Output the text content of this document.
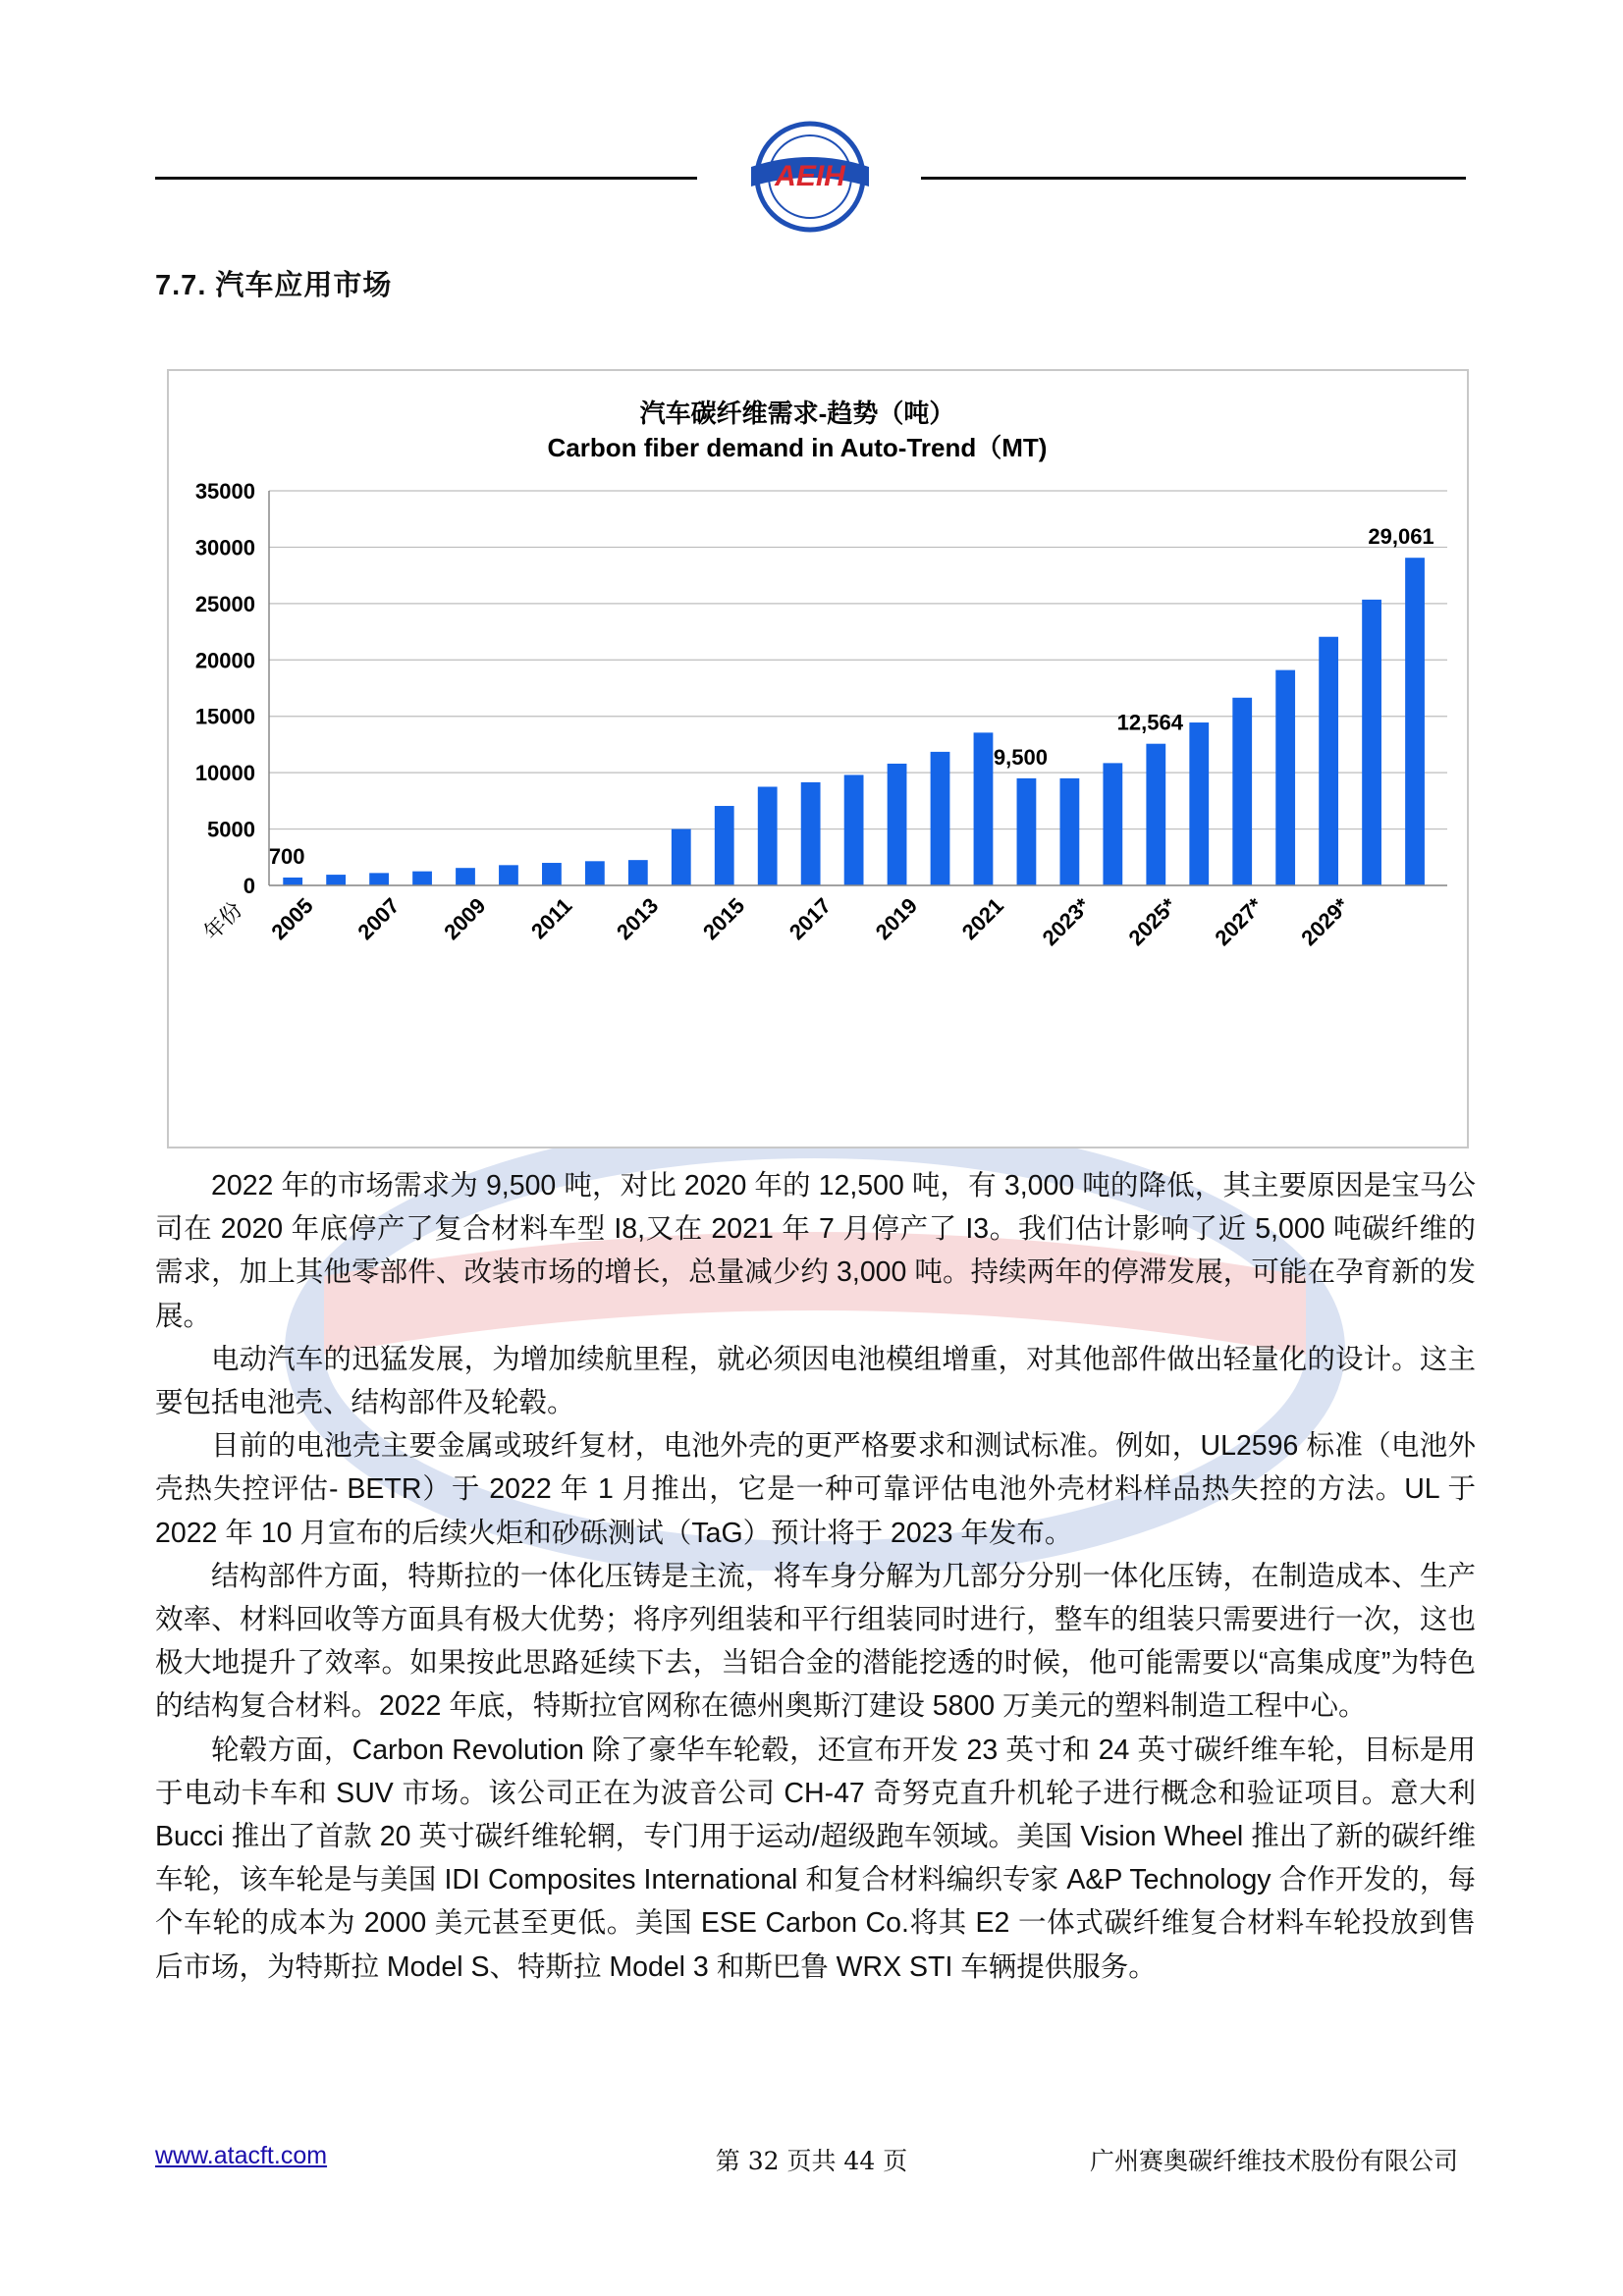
AEIH
7.7. 汽车应用市场
汽车碳纤维需求-趋势（吨）
Carbon fiber demand in Auto-Trend（MT)
700
9,500
12,564
29,061
0
5000
10000
15000
20000
25000
30000
35000
2005 2007 2009 2011 2013 2015 2017 2019 2021 2023* 2025* 2027* 2029*
年份

2022 年的市场需求为 9,500 吨，对比 2020 年的 12,500 吨，有 3,000 吨的降低，其主要原因是宝马公司在 2020 年底停产了复合材料车型 I8,又在 2021 年 7 月停产了 I3。我们估计影响了近 5,000 吨碳纤维的需求，加上其他零部件、改装市场的增长，总量减少约 3,000 吨。持续两年的停滞发展，可能在孕育新的发展。

电动汽车的迅猛发展，为增加续航里程，就必须因电池模组增重，对其他部件做出轻量化的设计。这主要包括电池壳、结构部件及轮毂。

目前的电池壳主要金属或玻纤复材，电池外壳的更严格要求和测试标准。例如，UL2596 标准（电池外壳热失控评估- BETR）于 2022 年 1 月推出，它是一种可靠评估电池外壳材料样品热失控的方法。UL 于 2022 年 10 月宣布的后续火炬和砂砾测试（TaG）预计将于 2023 年发布。

结构部件方面，特斯拉的一体化压铸是主流，将车身分解为几部分分别一体化压铸，在制造成本、生产效率、材料回收等方面具有极大优势；将序列组装和平行组装同时进行，整车的组装只需要进行一次，这也极大地提升了效率。如果按此思路延续下去，当铝合金的潜能挖透的时候，他可能需要以“高集成度”为特色的结构复合材料。2022 年底，特斯拉官网称在德州奥斯汀建设 5800 万美元的塑料制造工程中心。

轮毂方面，Carbon Revolution 除了豪华车轮毂，还宣布开发 23 英寸和 24 英寸碳纤维车轮，目标是用于电动卡车和 SUV 市场。该公司正在为波音公司 CH-47 奇努克直升机轮子进行概念和验证项目。意大利 Bucci 推出了首款 20 英寸碳纤维轮辋，专门用于运动/超级跑车领域。美国 Vision Wheel 推出了新的碳纤维车轮，该车轮是与美国 IDI Composites International 和复合材料编织专家 A&P Technology 合作开发的，每个车轮的成本为 2000 美元甚至更低。美国 ESE Carbon Co.将其 E2 一体式碳纤维复合材料车轮投放到售后市场，为特斯拉 Model S、特斯拉 Model 3 和斯巴鲁 WRX STI 车辆提供服务。

www.atacft.com	第 32 页共 44 页	广州赛奥碳纤维技术股份有限公司
